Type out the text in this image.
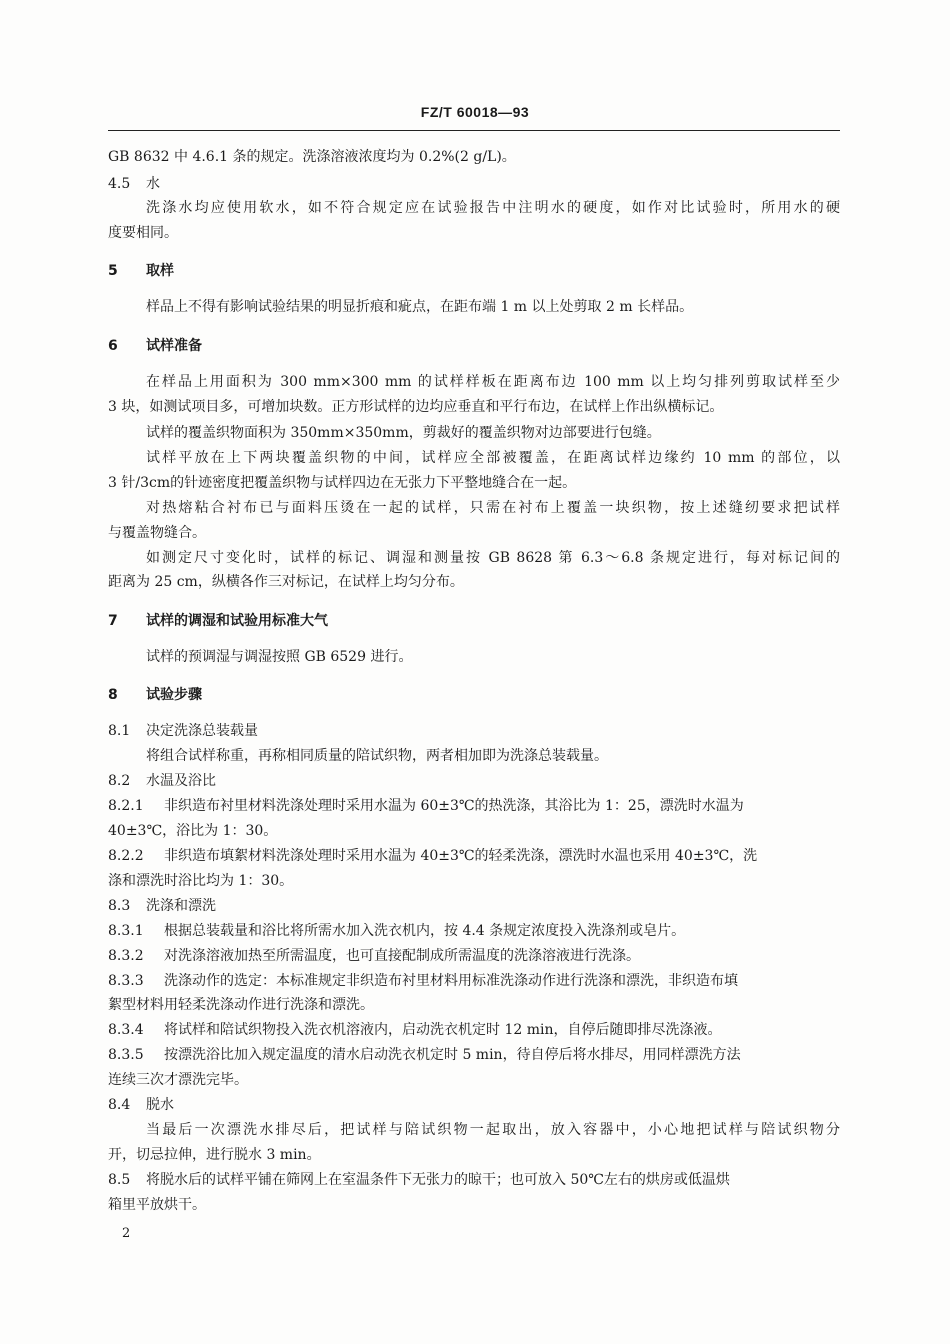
FZ/T 60018—93
GB 8632 中 4.6.1 条的规定。洗涤溶液浓度均为 0.2%(2 g/L)。
4.5 水
洗涤水均应使用软水，如不符合规定应在试验报告中注明水的硬度，如作对比试验时，所用水的硬
度要相同。
5 取样
样品上不得有影响试验结果的明显折痕和疵点，在距布端 1 m 以上处剪取 2 m 长样品。
6 试样准备
在样品上用面积为 300 mm×300 mm 的试样样板在距离布边 100 mm 以上均匀排列剪取试样至少
3 块，如测试项目多，可增加块数。正方形试样的边均应垂直和平行布边，在试样上作出纵横标记。
试样的覆盖织物面积为 350mm×350mm，剪裁好的覆盖织物对边部要进行包缝。
试样平放在上下两块覆盖织物的中间，试样应全部被覆盖，在距离试样边缘约 10 mm 的部位，以
3 针/3cm的针迹密度把覆盖织物与试样四边在无张力下平整地缝合在一起。
对热熔粘合衬布已与面料压烫在一起的试样，只需在衬布上覆盖一块织物，按上述缝纫要求把试样
与覆盖物缝合。
如测定尺寸变化时，试样的标记、调湿和测量按 GB 8628 第 6.3～6.8 条规定进行，每对标记间的
距离为 25 cm，纵横各作三对标记，在试样上均匀分布。
7 试样的调湿和试验用标准大气
试样的预调湿与调湿按照 GB 6529 进行。
8 试验步骤
8.1 决定洗涤总装载量
将组合试样称重，再称相同质量的陪试织物，两者相加即为洗涤总装载量。
8.2 水温及浴比
8.2.1 非织造布衬里材料洗涤处理时采用水温为 60±3℃的热洗涤，其浴比为 1：25，漂洗时水温为
40±3℃，浴比为 1：30。
8.2.2 非织造布填絮材料洗涤处理时采用水温为 40±3℃的轻柔洗涤，漂洗时水温也采用 40±3℃，洗
涤和漂洗时浴比均为 1：30。
8.3 洗涤和漂洗
8.3.1 根据总装载量和浴比将所需水加入洗衣机内，按 4.4 条规定浓度投入洗涤剂或皂片。
8.3.2 对洗涤溶液加热至所需温度，也可直接配制成所需温度的洗涤溶液进行洗涤。
8.3.3 洗涤动作的选定：本标准规定非织造布衬里材料用标准洗涤动作进行洗涤和漂洗，非织造布填
絮型材料用轻柔洗涤动作进行洗涤和漂洗。
8.3.4 将试样和陪试织物投入洗衣机溶液内，启动洗衣机定时 12 min，自停后随即排尽洗涤液。
8.3.5 按漂洗浴比加入规定温度的清水启动洗衣机定时 5 min，待自停后将水排尽，用同样漂洗方法
连续三次才漂洗完毕。
8.4 脱水
当最后一次漂洗水排尽后，把试样与陪试织物一起取出，放入容器中，小心地把试样与陪试织物分
开，切忌拉伸，进行脱水 3 min。
8.5 将脱水后的试样平铺在筛网上在室温条件下无张力的晾干；也可放入 50℃左右的烘房或低温烘
箱里平放烘干。
2
